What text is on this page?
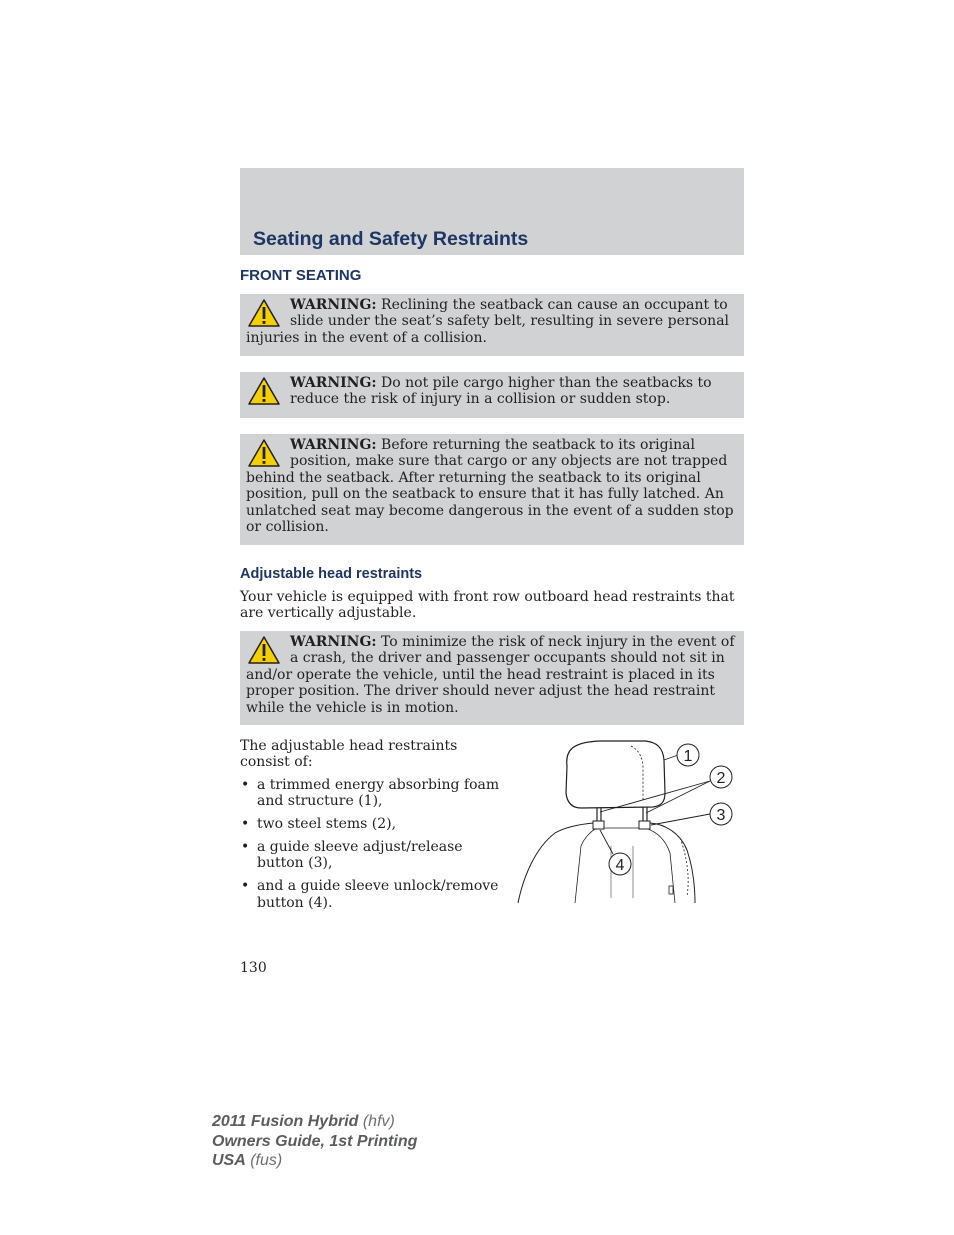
Seating and Safety Restraints
FRONT SEATING
WARNING: Reclining the seatback can cause an occupant to slide under the seat’s safety belt, resulting in severe personal injuries in the event of a collision.
WARNING: Do not pile cargo higher than the seatbacks to reduce the risk of injury in a collision or sudden stop.
WARNING: Before returning the seatback to its original position, make sure that cargo or any objects are not trapped behind the seatback. After returning the seatback to its original position, pull on the seatback to ensure that it has fully latched. An unlatched seat may become dangerous in the event of a sudden stop or collision.
Adjustable head restraints
Your vehicle is equipped with front row outboard head restraints that are vertically adjustable.
WARNING: To minimize the risk of neck injury in the event of a crash, the driver and passenger occupants should not sit in and/or operate the vehicle, until the head restraint is placed in its proper position. The driver should never adjust the head restraint while the vehicle is in motion.
The adjustable head restraints consist of:
• a trimmed energy absorbing foam and structure (1),
• two steel stems (2),
• a guide sleeve adjust/release button (3),
• and a guide sleeve unlock/remove button (4).
1
2
3
4
130
2011 Fusion Hybrid (hfv)
Owners Guide, 1st Printing
USA (fus)
